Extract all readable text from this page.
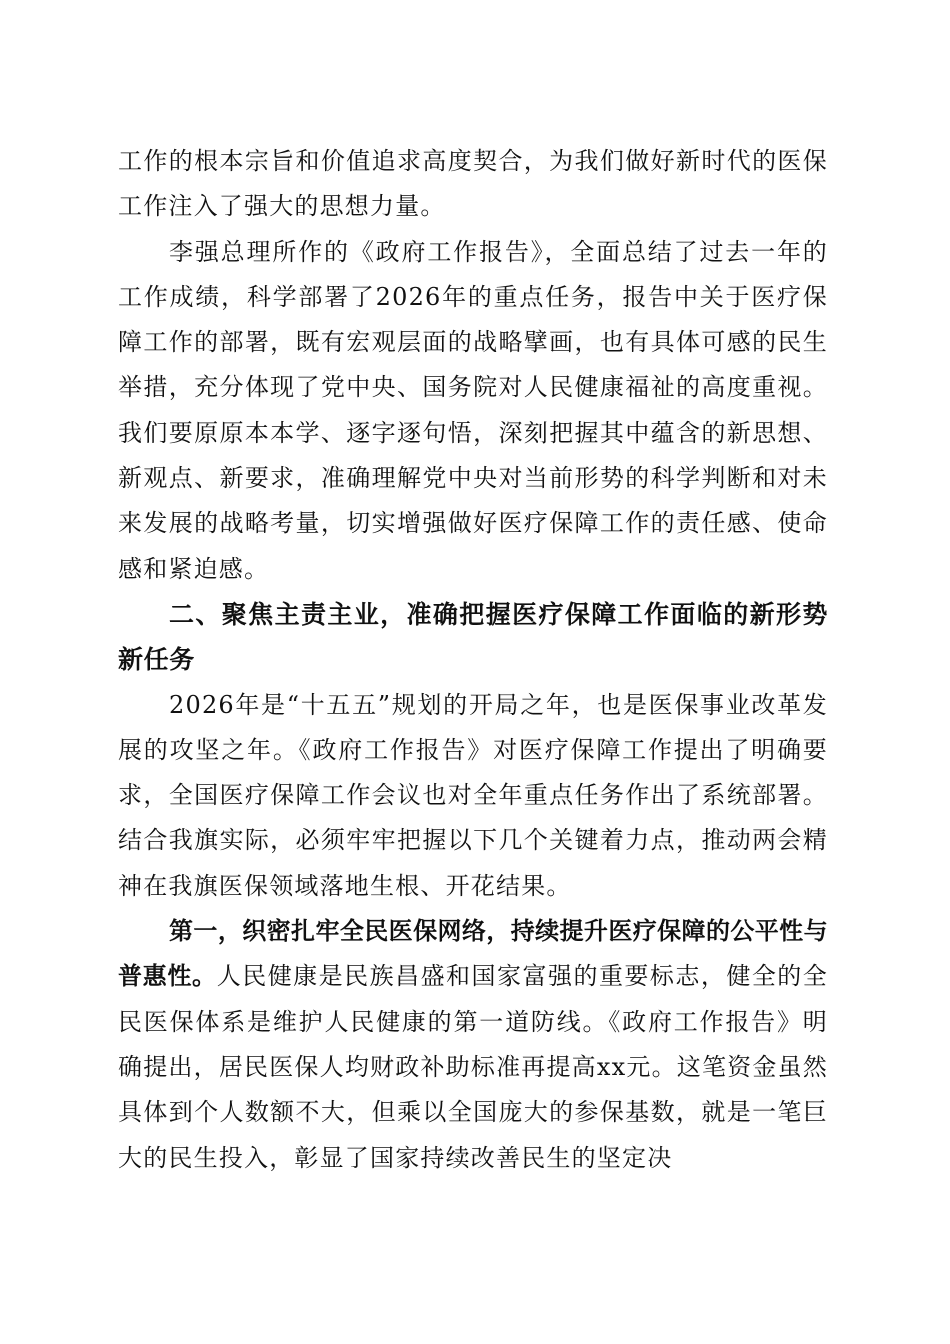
工作的根本宗旨和价值追求高度契合，为我们做好新时代的医保工作注入了强大的思想力量。

李强总理所作的《政府工作报告》，全面总结了过去一年的工作成绩，科学部署了2026年的重点任务，报告中关于医疗保障工作的部署，既有宏观层面的战略擘画，也有具体可感的民生举措，充分体现了党中央、国务院对人民健康福祉的高度重视。我们要原原本本学、逐字逐句悟，深刻把握其中蕴含的新思想、新观点、新要求，准确理解党中央对当前形势的科学判断和对未来发展的战略考量，切实增强做好医疗保障工作的责任感、使命感和紧迫感。

二、聚焦主责主业，准确把握医疗保障工作面临的新形势新任务

2026年是“十五五”规划的开局之年，也是医保事业改革发展的攻坚之年。《政府工作报告》对医疗保障工作提出了明确要求，全国医疗保障工作会议也对全年重点任务作出了系统部署。结合我旗实际，必须牢牢把握以下几个关键着力点，推动两会精神在我旗医保领域落地生根、开花结果。

第一，织密扎牢全民医保网络，持续提升医疗保障的公平性与普惠性。人民健康是民族昌盛和国家富强的重要标志，健全的全民医保体系是维护人民健康的第一道防线。《政府工作报告》明确提出，居民医保人均财政补助标准再提高xx元。这笔资金虽然具体到个人数额不大，但乘以全国庞大的参保基数，就是一笔巨大的民生投入，彰显了国家持续改善民生的坚定决
